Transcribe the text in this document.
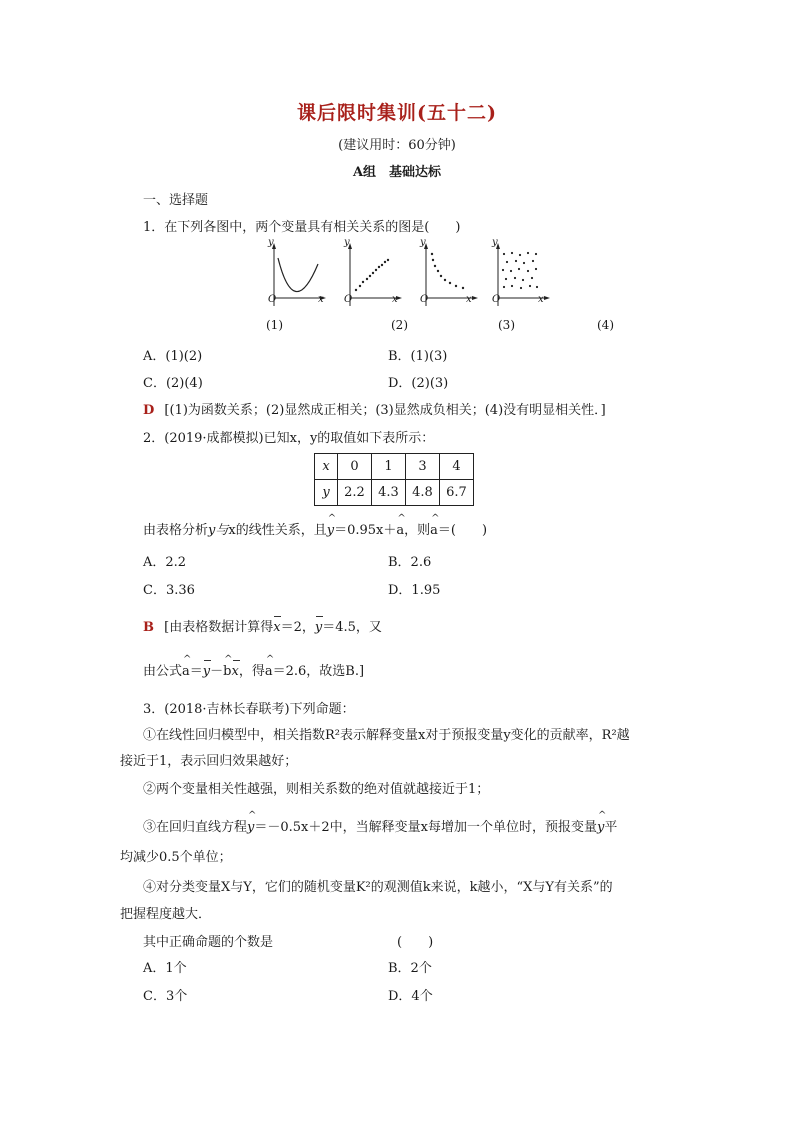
课后限时集训(五十二)
(建议用时：60分钟)
A组　基础达标
一、选择题
1．在下列各图中，两个变量具有相关关系的图是(　　)
y
O	x
y
O	x
y
O	x
y
O	x
(1)	(2)	(3)	(4)
A．(1)(2)	B．(1)(3)
C．(2)(4)	D．(2)(3)
D [(1)为函数关系；(2)显然成正相关；(3)显然成负相关；(4)没有明显相关性．]
2．(2019·成都模拟)已知x，y的取值如下表所示：
x	0	1	3	4
y	2.2	4.3	4.8	6.7
由表格分析y与x的线性关系，且^ y＝0.95x＋^ a，则^ a＝(　　)
A．2.2	B．2.6
C．3.36	D．1.95
B [由表格数据计算得x＝2，y＝4.5，又
由公式^ a＝y－^ bx，得^ a＝2.6，故选B.]
3．(2018·吉林长春联考)下列命题：
①在线性回归模型中，相关指数R²表示解释变量x对于预报变量y变化的贡献率，R²越
接近于1，表示回归效果越好；
②两个变量相关性越强，则相关系数的绝对值就越接近于1；
③在回归直线方程^ y＝－0.5x＋2中，当解释变量x每增加一个单位时，预报变量^ y平
均减少0.5个单位；
④对分类变量X与Y，它们的随机变量K²的观测值k来说，k越小，“X与Y有关系”的
把握程度越大．
其中正确命题的个数是	(　　)
A．1个	B．2个
C．3个	D．4个
